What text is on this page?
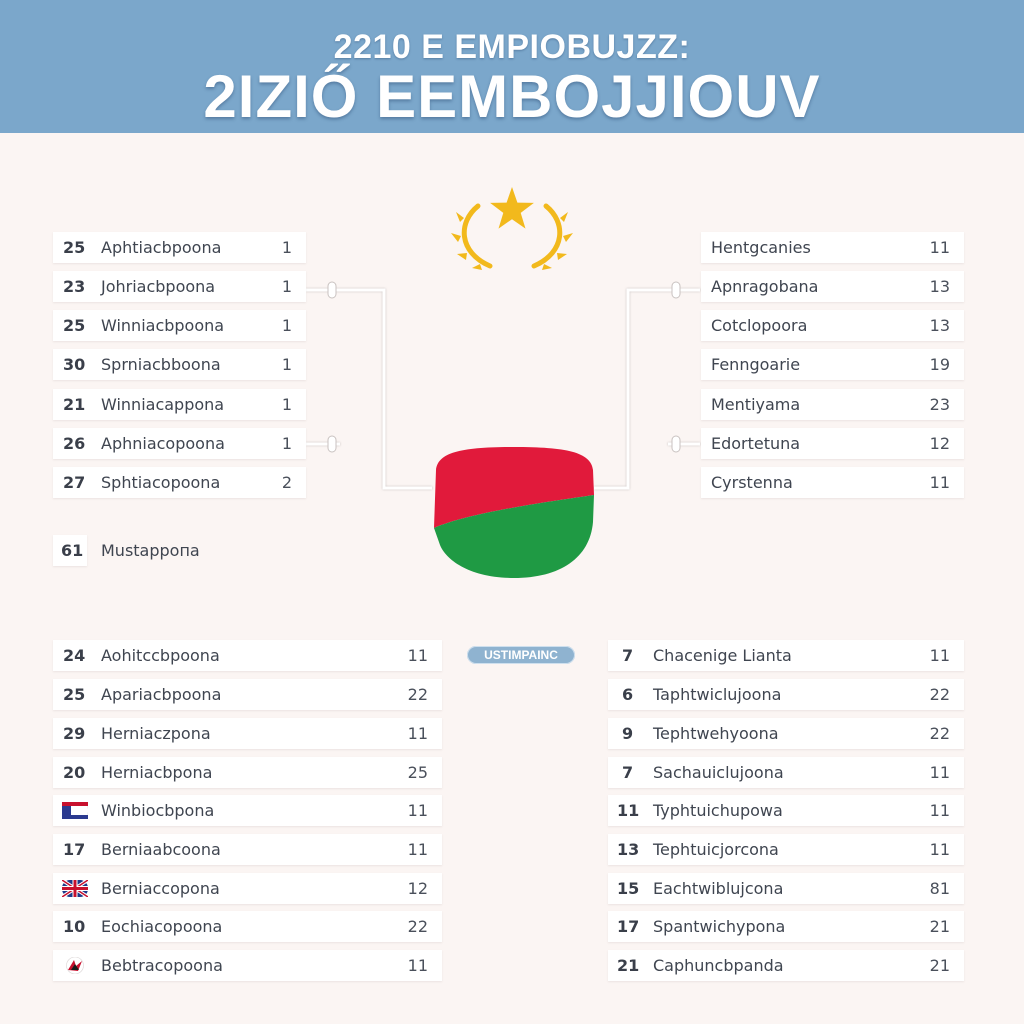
2210 E EMPIOBUJZZ:
2IZIŐ EEMBOJJIOUV
25 Aphtiacbpoona	1
23 Johriacbpoona	1
25 Winniacbpoona	1
30 Sprniacbboona	1
21 Winniacappona	1
26 Aphniacopoona	1
27 Sphtiacopoona	2
61 Mustappoпa
Hentgcanies	11
Apnragobana	13
Cotclopoora	13
Fenngoarie	19
Mentiyama	23
Edortetuna	12
Cyrstenna	11
USTIMPAINC
24 Aohitccbpoona	11
25 Apariacbpoona	22
29 Herniaczpona	11
20 Herniacbpona	25
Winbiocbpona	11
17 Berniaabcoona	11
Berniaccopona	12
10 Eochiacopoona	22
Bebtracopoona	11
7 Chacenige Lianta	11
6 Taphtwiclujoona	22
9 Tephtwehyoona	22
7 Sachauiclujoona	11
11 Typhtuichupowa	11
13 Tephtuicjorcona	11
15 Eachtwiblujcona	81
17 Spantwichypona	21
21 Caphuncbpanda	21
